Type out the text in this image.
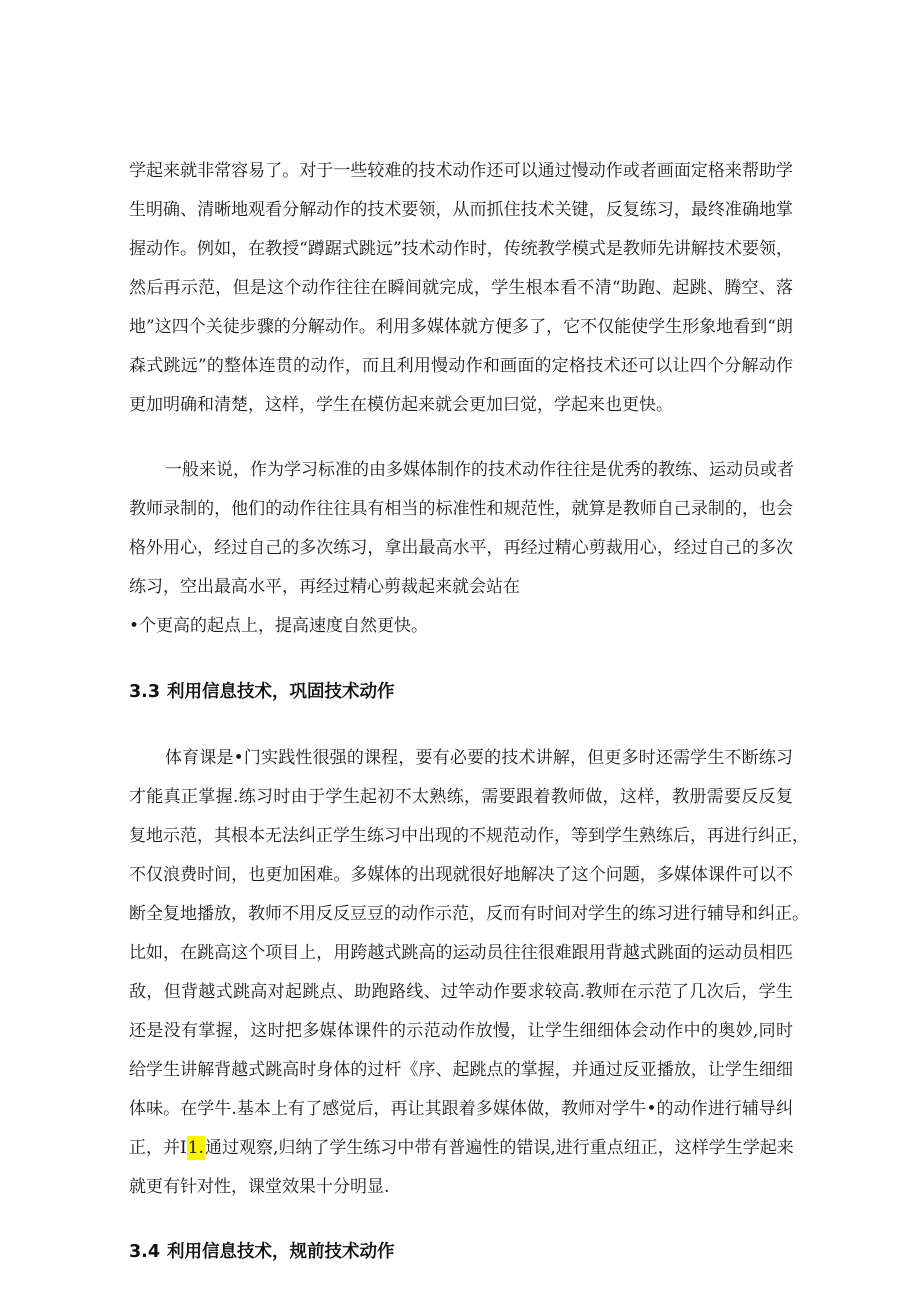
学起来就非常容易了。对于一些较难的技术动作还可以通过慢动作或者画面定格来帮助学
生明确、清晰地观看分解动作的技术要领，从而抓住技术关键，反复练习，最终准确地掌
握动作。例如，在教授“蹲踞式跳远”技术动作时，传统教学模式是教师先讲解技术要领，
然后再示范，但是这个动作往往在瞬间就完成，学生根本看不清“助跑、起跳、腾空、落
地”这四个关徒步骤的分解动作。利用多媒体就方便多了，它不仅能使学生形象地看到“朗
森式跳远”的整体连贯的动作，而且利用慢动作和画面的定格技术还可以让四个分解动作
更加明确和清楚，这样，学生在模仿起来就会更加曰觉，学起来也更快。
一般来说，作为学习标准的由多媒体制作的技术动作往往是优秀的教练、运动员或者
教师录制的，他们的动作往往具有相当的标准性和规范性，就算是教师自己录制的，也会
格外用心，经过自己的多次练习，拿出最高水平，再经过精心剪裁用心，经过自己的多次
练习，空出最高水平，再经过精心剪裁起来就会站在
•个更高的起点上，提高速度自然更快。
3.3 利用信息技术，巩固技术动作
体育课是•门实践性很强的课程，要有必要的技术讲解，但更多时还需学生不断练习
才能真正掌握.练习时由于学生起初不太熟练，需要跟着教师做，这样，教册需要反反复
复地示范，其根本无法纠正学生练习中出现的不规范动作，等到学生熟练后，再进行纠正，
不仅浪费时间，也更加困难。多媒体的出现就很好地解决了这个问题，多媒体课件可以不
断全复地播放，教师不用反反豆豆的动作示范，反而有时间对学生的练习进行辅导和纠正。
比如，在跳高这个项目上，用跨越式跳高的运动员往往很难跟用背越式跳面的运动员相匹
敌，但背越式跳高对起跳点、助跑路线、过竿动作要求较高.教师在示范了几次后，学生
还是没有掌握，这时把多媒体课件的示范动作放慢，让学生细细体会动作中的奥妙,同时
给学生讲解背越式跳高时身体的过杆《序、起跳点的掌握，并通过反亚播放，让学生细细
体味。在学牛.基本上有了感觉后，再让其跟着多媒体做，教师对学牛•的动作进行辅导纠
正，并I1.通过观察,归纳了学生练习中带有普遍性的错误,进行重点纽正，这样学生学起来
就更有针对性，课堂效果十分明显.
3.4 利用信息技术，规前技术动作
